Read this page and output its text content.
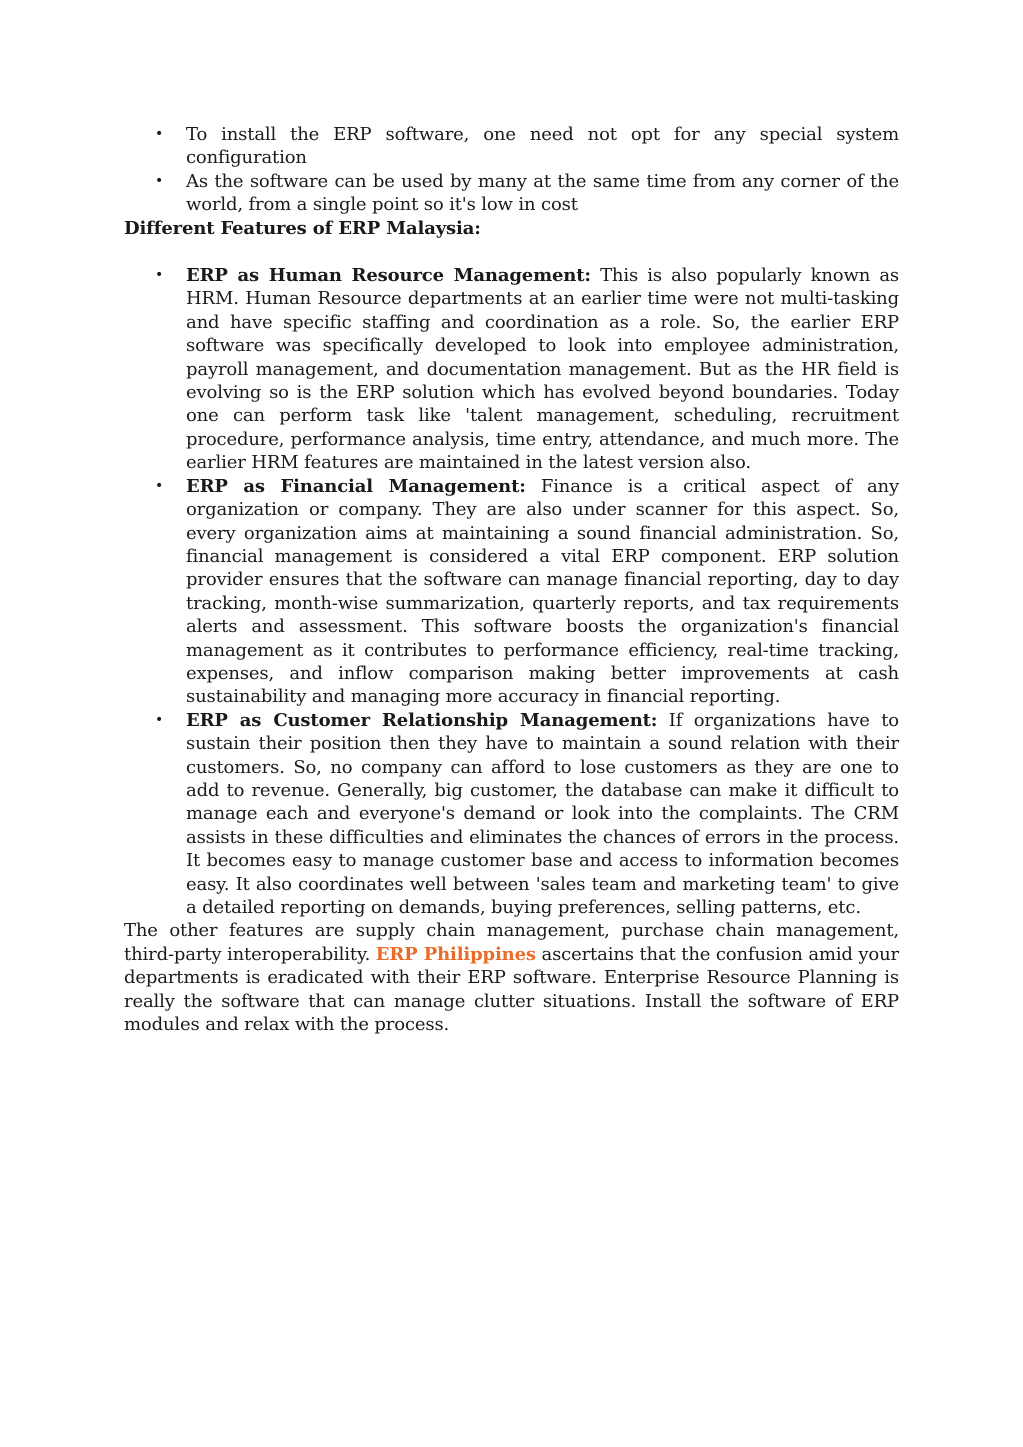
• To install the ERP software, one need not opt for any special system configuration
• As the software can be used by many at the same time from any corner of the world, from a single point so it's low in cost

Different Features of ERP Malaysia:

• ERP as Human Resource Management: This is also popularly known as HRM. Human Resource departments at an earlier time were not multi-tasking and have specific staffing and coordination as a role. So, the earlier ERP software was specifically developed to look into employee administration, payroll management, and documentation management. But as the HR field is evolving so is the ERP solution which has evolved beyond boundaries. Today one can perform task like 'talent management, scheduling, recruitment procedure, performance analysis, time entry, attendance, and much more. The earlier HRM features are maintained in the latest version also.
• ERP as Financial Management: Finance is a critical aspect of any organization or company. They are also under scanner for this aspect. So, every organization aims at maintaining a sound financial administration. So, financial management is considered a vital ERP component. ERP solution provider ensures that the software can manage financial reporting, day to day tracking, month-wise summarization, quarterly reports, and tax requirements alerts and assessment. This software boosts the organization's financial management as it contributes to performance efficiency, real-time tracking, expenses, and inflow comparison making better improvements at cash sustainability and managing more accuracy in financial reporting.
• ERP as Customer Relationship Management: If organizations have to sustain their position then they have to maintain a sound relation with their customers. So, no company can afford to lose customers as they are one to add to revenue. Generally, big customer, the database can make it difficult to manage each and everyone's demand or look into the complaints. The CRM assists in these difficulties and eliminates the chances of errors in the process. It becomes easy to manage customer base and access to information becomes easy. It also coordinates well between 'sales team and marketing team' to give a detailed reporting on demands, buying preferences, selling patterns, etc.

The other features are supply chain management, purchase chain management, third-party interoperability. ERP Philippines ascertains that the confusion amid your departments is eradicated with their ERP software. Enterprise Resource Planning is really the software that can manage clutter situations. Install the software of ERP modules and relax with the process.
